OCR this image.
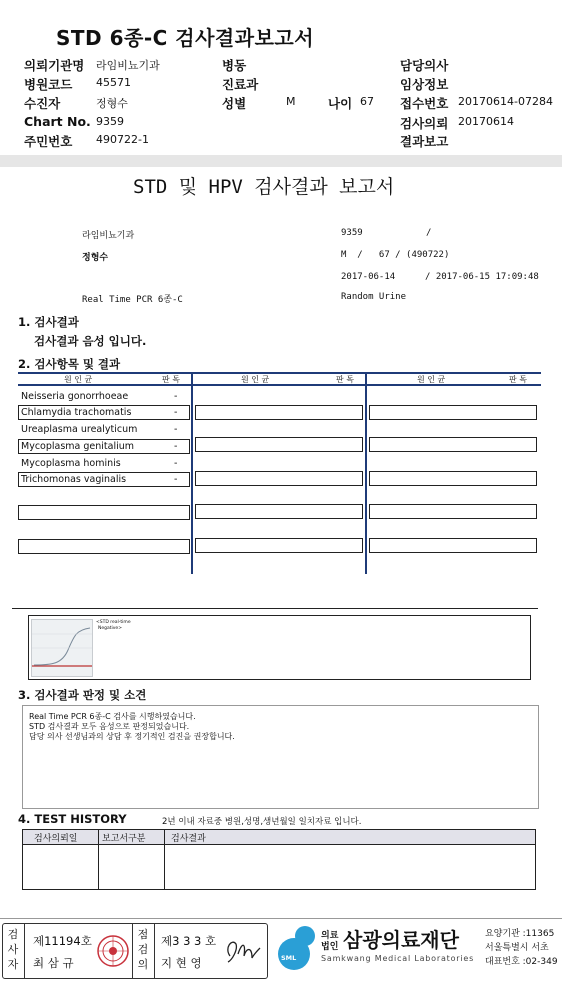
STD 6종-C 검사결과보고서
의뢰기관명 라임비뇨기과
병원코드 45571
수진자	정형수
Chart No. 9359
주민번호 490722-1
병동
진료과
성별	M	나이 67
담당의사
임상정보
접수번호 20170614-07284
검사의뢰 20170614
결과보고
STD 및 HPV 검사결과 보고서
라임비뇨기과	9359	/
정형수	M  /   67 / (490722)
2017-06-14	/ 2017-06-15 17:09:48
Real Time PCR 6종-C	Random Urine
1. 검사결과
검사결과 음성 입니다.
2. 검사항목 및 결과
원 인 균	판 독	원 인 균	판 독	원 인 균	판 독
Neisseria gonorrhoeae	-
Chlamydia trachomatis	-
Ureaplasma urealyticum	-
Mycoplasma genitalium	-
Mycoplasma hominis	-
Trichomonas vaginalis	-
<STD real-time
Negative>
3. 검사결과 판정 및 소견
Real Time PCR 6종-C 검사를 시행하였습니다.
STD 검사결과 모두 음성으로 판정되었습니다.
담당 의사 선생님과의 상담 후 정기적인 검진을 권장합니다.
4. TEST HISTORY	2년 이내 자료중 병원,성명,생년월일 일치자료 입니다.
검사의뢰일	보고서구분	검사결과
검사자
제11194호
최 삼 규
점검의
제3 3 3 호
지 현 영	SML
의료
법인 삼광의료재단
Samkwang Medical Laboratories
요양기관 :11365
서울특별시 서초
대표번호 :02-349
